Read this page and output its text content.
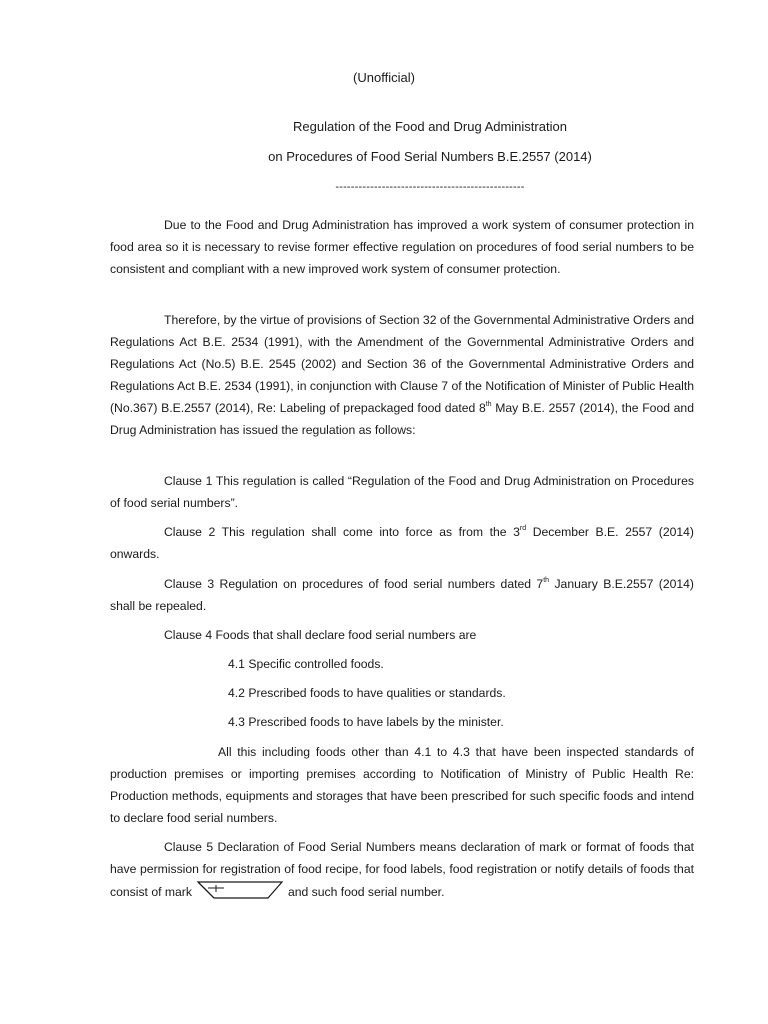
(Unofficial)
Regulation of the Food and Drug Administration
on Procedures of Food Serial Numbers B.E.2557 (2014)
-------------------------------------------------

Due to the Food and Drug Administration has improved a work system of consumer protection in food area so it is necessary to revise former effective regulation on procedures of food serial numbers to be consistent and compliant with a new improved work system of consumer protection.

Therefore, by the virtue of provisions of Section 32 of the Governmental Administrative Orders and Regulations Act B.E. 2534 (1991), with the Amendment of the Governmental Administrative Orders and Regulations Act (No.5) B.E. 2545 (2002) and Section 36 of the Governmental Administrative Orders and Regulations Act B.E. 2534 (1991), in conjunction with Clause 7 of the Notification of Minister of Public Health (No.367) B.E.2557 (2014), Re: Labeling of prepackaged food dated 8th May B.E. 2557 (2014), the Food and Drug Administration has issued the regulation as follows:

Clause 1 This regulation is called “Regulation of the Food and Drug Administration on Procedures of food serial numbers”.

Clause 2 This regulation shall come into force as from the 3rd December B.E. 2557 (2014) onwards.

Clause 3 Regulation on procedures of food serial numbers dated 7th January B.E.2557 (2014) shall be repealed.

Clause 4 Foods that shall declare food serial numbers are

4.1 Specific controlled foods.

4.2 Prescribed foods to have qualities or standards.

4.3 Prescribed foods to have labels by the minister.

All this including foods other than 4.1 to 4.3 that have been inspected standards of production premises or importing premises according to Notification of Ministry of Public Health Re: Production methods, equipments and storages that have been prescribed for such specific foods and intend to declare food serial numbers.

Clause 5 Declaration of Food Serial Numbers means declaration of mark or format of foods that have permission for registration of food recipe, for food labels, food registration or notify details of foods that consist of mark	and such food serial number.
